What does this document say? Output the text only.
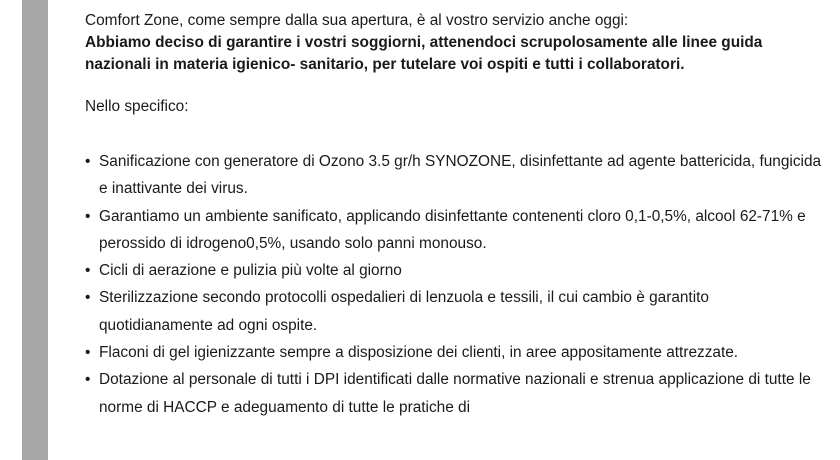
Comfort Zone, come sempre dalla sua apertura, è al vostro servizio anche oggi:

Abbiamo deciso di garantire i vostri soggiorni, attenendoci scrupolosamente alle linee guida nazionali in materia igienico- sanitario, per tutelare voi ospiti e tutti i collaboratori.

Nello specifico:

• Sanificazione con generatore di Ozono 3.5 gr/h SYNOZONE, disinfettante ad agente battericida, fungicida e inattivante dei virus.
• Garantiamo un ambiente sanificato, applicando disinfettante contenenti cloro 0,1-0,5%, alcool 62-71% e perossido di idrogeno0,5%, usando solo panni monouso.
• Cicli di aerazione e pulizia più volte al giorno
• Sterilizzazione secondo protocolli ospedalieri di lenzuola e tessili, il cui cambio è garantito quotidianamente ad ogni ospite.
• Flaconi di gel igienizzante sempre a disposizione dei clienti, in aree appositamente attrezzate.
• Dotazione al personale di tutti i DPI identificati dalle normative nazionali e strenua applicazione di tutte le norme di HACCP e adeguamento di tutte le pratiche di
